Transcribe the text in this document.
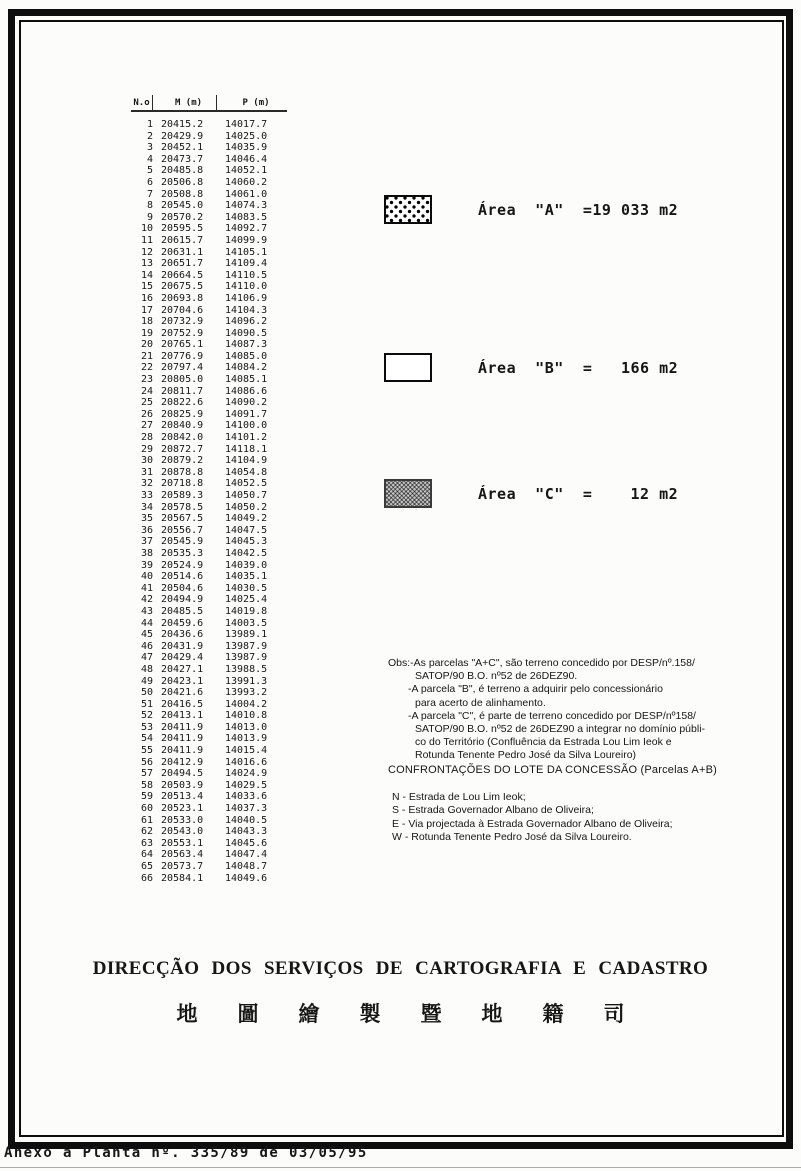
N.o	M (m)	P (m)
1 20415.2	14017.7
2 20429.9	14025.0
3 20452.1	14035.9
4 20473.7	14046.4
5 20485.8	14052.1
6 20506.8	14060.2
7 20508.8	14061.0
8 20545.0	14074.3
9 20570.2	14083.5
10 20595.5	14092.7
11 20615.7	14099.9
12 20631.1	14105.1
13 20651.7	14109.4
14 20664.5	14110.5
15 20675.5	14110.0
16 20693.8	14106.9
17 20704.6	14104.3
18 20732.9	14096.2
19 20752.9	14090.5
20 20765.1	14087.3
21 20776.9	14085.0
22 20797.4	14084.2
23 20805.0	14085.1
24 20811.7	14086.6
25 20822.6	14090.2
26 20825.9	14091.7
27 20840.9	14100.0
28 20842.0	14101.2
29 20872.7	14118.1
30 20879.2	14104.9
31 20878.8	14054.8
32 20718.8	14052.5
33 20589.3	14050.7
34 20578.5	14050.2
35 20567.5	14049.2
36 20556.7	14047.5
37 20545.9	14045.3
38 20535.3	14042.5
39 20524.9	14039.0
40 20514.6	14035.1
41 20504.6	14030.5
42 20494.9	14025.4
43 20485.5	14019.8
44 20459.6	14003.5
45 20436.6	13989.1
46 20431.9	13987.9
47 20429.4	13987.9
48 20427.1	13988.5
49 20423.1	13991.3
50 20421.6	13993.2
51 20416.5	14004.2
52 20413.1	14010.8
53 20411.9	14013.0
54 20411.9	14013.9
55 20411.9	14015.4
56 20412.9	14016.6
57 20494.5	14024.9
58 20503.9	14029.5
59 20513.4	14033.6
60 20523.1	14037.3
61 20533.0	14040.5
62 20543.0	14043.3
63 20553.1	14045.6
64 20563.4	14047.4
65 20573.7	14048.7
66 20584.1	14049.6
Área  "A"  =19 033 m2
Área  "B"  =   166 m2
Área  "C"  =    12 m2
Obs:-As parcelas "A+C", são terreno concedido por DESP/nº.158/
SATOP/90 B.O. nº52 de 26DEZ90.
-A parcela "B", é terreno a adquirir pelo concessionário
para acerto de alinhamento.
-A parcela "C", é parte de terreno concedido por DESP/nº158/
SATOP/90 B.O. nº52 de 26DEZ90 a integrar no domínio públi-
co do Território (Confluência da Estrada Lou Lim Ieok e
Rotunda Tenente Pedro José da Silva Loureiro)
CONFRONTAÇÕES DO LOTE DA CONCESSÃO (Parcelas A+B)
N - Estrada de Lou Lim Ieok;
S - Estrada Governador Albano de Oliveira;
E - Via projectada à Estrada Governador Albano de Oliveira;
W - Rotunda Tenente Pedro José da Silva Loureiro.
DIRECÇÃO DOS SERVIÇOS DE CARTOGRAFIA E CADASTRO
地圖繪製暨地籍司
Anexo à Planta nº. 335/89 de 03/05/95
